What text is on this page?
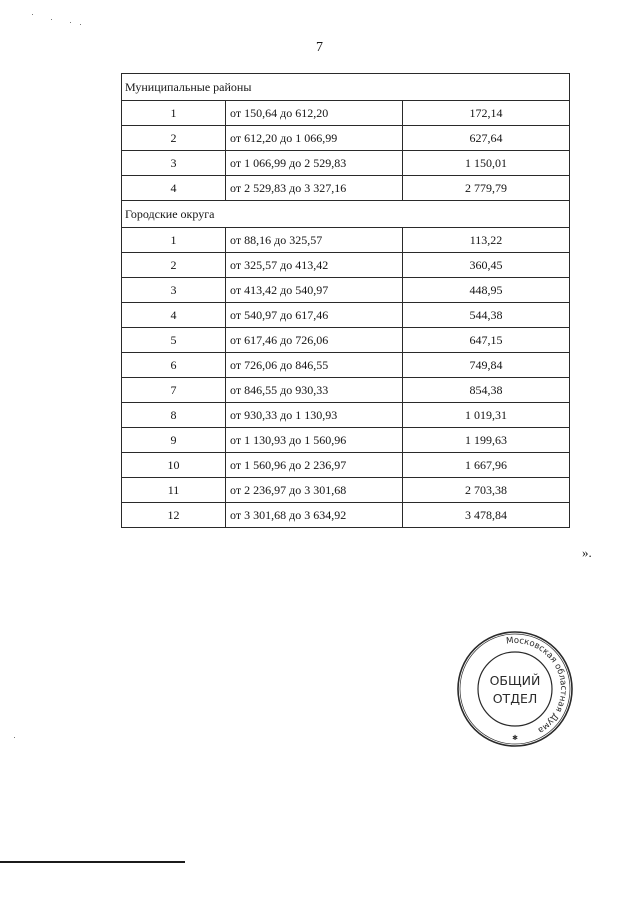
7
Муниципальные районы		
1	от 150,64 до 612,20	172,14
2	от 612,20 до 1 066,99	627,64
3	от 1 066,99 до 2 529,83	1 150,01
4	от 2 529,83 до 3 327,16	2 779,79
Городские округа		
1	от 88,16 до 325,57	113,22
2	от 325,57 до 413,42	360,45
3	от 413,42 до 540,97	448,95
4	от 540,97 до 617,46	544,38
5	от 617,46 до 726,06	647,15
6	от 726,06 до 846,55	749,84
7	от 846,55 до 930,33	854,38
8	от 930,33 до 1 130,93	1 019,31
9	от 1 130,93 до 1 560,96	1 199,63
10	от 1 560,96 до 2 236,97	1 667,96
11	от 2 236,97 до 3 301,68	2 703,38
12	от 3 301,68 до 3 634,92	3 478,84
».
Московская областная Дума
ОБЩИЙ
ОТДЕЛ
✱
